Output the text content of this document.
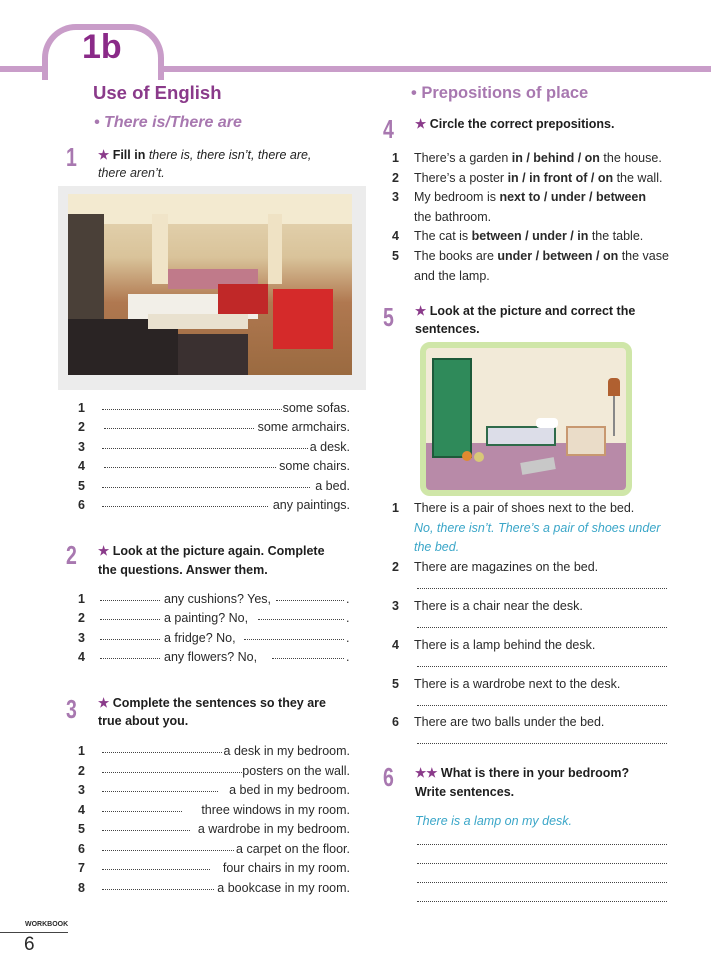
1b
Use of English
• There is/There are
• Prepositions of place
1 ★ Fill in there is, there isn’t, there are,
there aren’t.
1	some sofas.
2	some armchairs.
3	a desk.
4	some chairs.
5	a bed.
6	any paintings.
2 ★ Look at the picture again. Complete
the questions. Answer them.
1	any cushions? Yes,	.
2	a painting? No,	.
3	a fridge? No,	.
4	any flowers? No,	.
3 ★ Complete the sentences so they are
true about you.
1	a desk in my bedroom.
2	posters on the wall.
3	a bed in my bedroom.
4	three windows in my room.
5	a wardrobe in my bedroom.
6	a carpet on the floor.
7	four chairs in my room.
8	a bookcase in my room.
4 ★ Circle the correct prepositions.
1	There’s a garden in / behind / on the house.
2	There’s a poster in / in front of / on the wall.
3	My bedroom is next to / under / between
the bathroom.
4	The cat is between / under / in the table.
5	The books are under / between / on the vase
and the lamp.
5 ★ Look at the picture and correct the
sentences.
1	There is a pair of shoes next to the bed.
2	There are magazines on the bed.
3	There is a chair near the desk.
4	There is a lamp behind the desk.
5	There is a wardrobe next to the desk.
6	There are two balls under the bed.
No, there isn’t. There’s a pair of shoes under
the bed.
6 ★★ What is there in your bedroom?
Write sentences.
There is a lamp on my desk.
WORKBOOK
6
